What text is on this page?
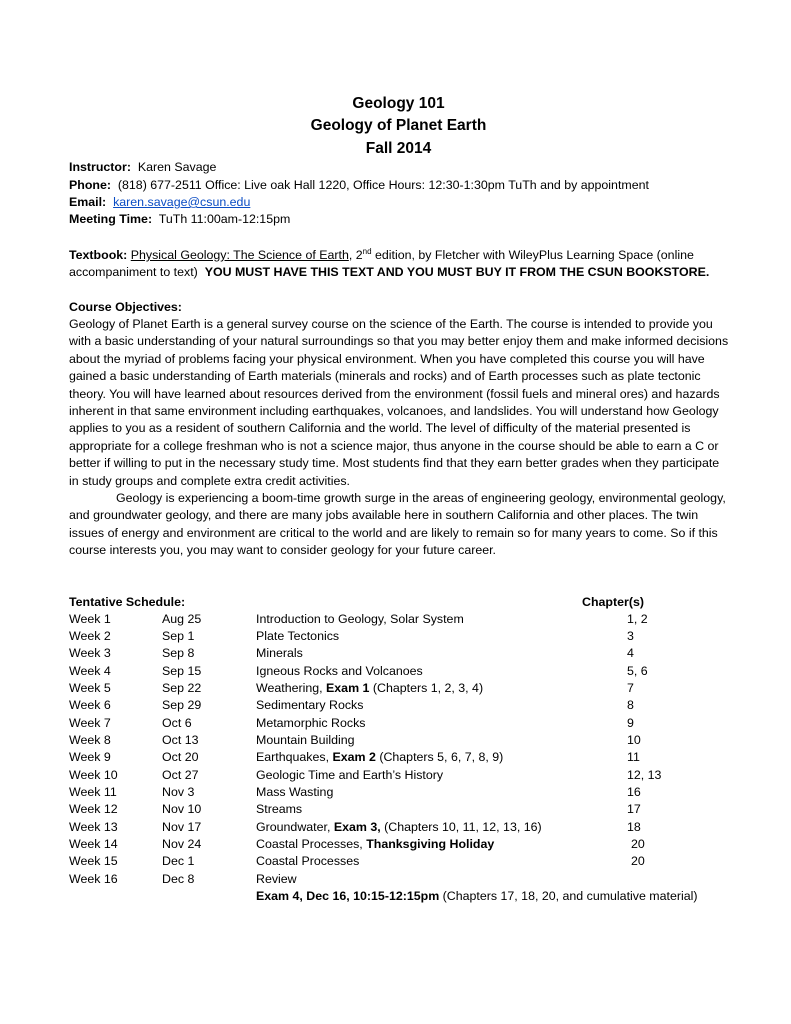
Geology 101
Geology of Planet Earth
Fall 2014
Instructor: Karen Savage
Phone: (818) 677-2511 Office: Live oak Hall 1220, Office Hours: 12:30-1:30pm TuTh and by appointment
Email: karen.savage@csun.edu
Meeting Time: TuTh 11:00am-12:15pm
Textbook: Physical Geology: The Science of Earth, 2nd edition, by Fletcher with WileyPlus Learning Space (online
accompaniment to text) YOU MUST HAVE THIS TEXT AND YOU MUST BUY IT FROM THE CSUN BOOKSTORE.
Course Objectives:

Geology of Planet Earth is a general survey course on the science of the Earth. The course is intended to provide you with a basic understanding of your natural surroundings so that you may better enjoy them and make informed decisions about the myriad of problems facing your physical environment. When you have completed this course you will have gained a basic understanding of Earth materials (minerals and rocks) and of Earth processes such as plate tectonic theory. You will have learned about resources derived from the environment (fossil fuels and mineral ores) and hazards inherent in that same environment including earthquakes, volcanoes, and landslides. You will understand how Geology applies to you as a resident of southern California and the world. The level of difficulty of the material presented is appropriate for a college freshman who is not a science major, thus anyone in the course should be able to earn a C or better if willing to put in the necessary study time. Most students find that they earn better grades when they participate in study groups and complete extra credit activities.

Geology is experiencing a boom-time growth surge in the areas of engineering geology, environmental geology, and groundwater geology, and there are many jobs available here in southern California and other places. The twin issues of energy and environment are critical to the world and are likely to remain so for many years to come. So if this course interests you, you may want to consider geology for your future career.

Tentative Schedule:	Chapter(s)
Week 1	Aug 25	Introduction to Geology, Solar System	1, 2
Week 2	Sep 1	Plate Tectonics	3
Week 3	Sep 8	Minerals	4
Week 4	Sep 15	Igneous Rocks and Volcanoes	5, 6
Week 5	Sep 22	Weathering, Exam 1 (Chapters 1, 2, 3, 4)	7
Week 6	Sep 29	Sedimentary Rocks	8
Week 7	Oct 6	Metamorphic Rocks	9
Week 8	Oct 13	Mountain Building	10
Week 9	Oct 20	Earthquakes, Exam 2 (Chapters 5, 6, 7, 8, 9)	11
Week 10	Oct 27	Geologic Time and Earth’s History	12, 13
Week 11	Nov 3	Mass Wasting	16
Week 12	Nov 10	Streams	17
Week 13	Nov 17	Groundwater, Exam 3, (Chapters 10, 11, 12, 13, 16)	18
Week 14	Nov 24	Coastal Processes, Thanksgiving Holiday	20
Week 15	Dec 1	Coastal Processes	20
Week 16	Dec 8	Review
Exam 4, Dec 16, 10:15-12:15pm (Chapters 17, 18, 20, and cumulative material)
